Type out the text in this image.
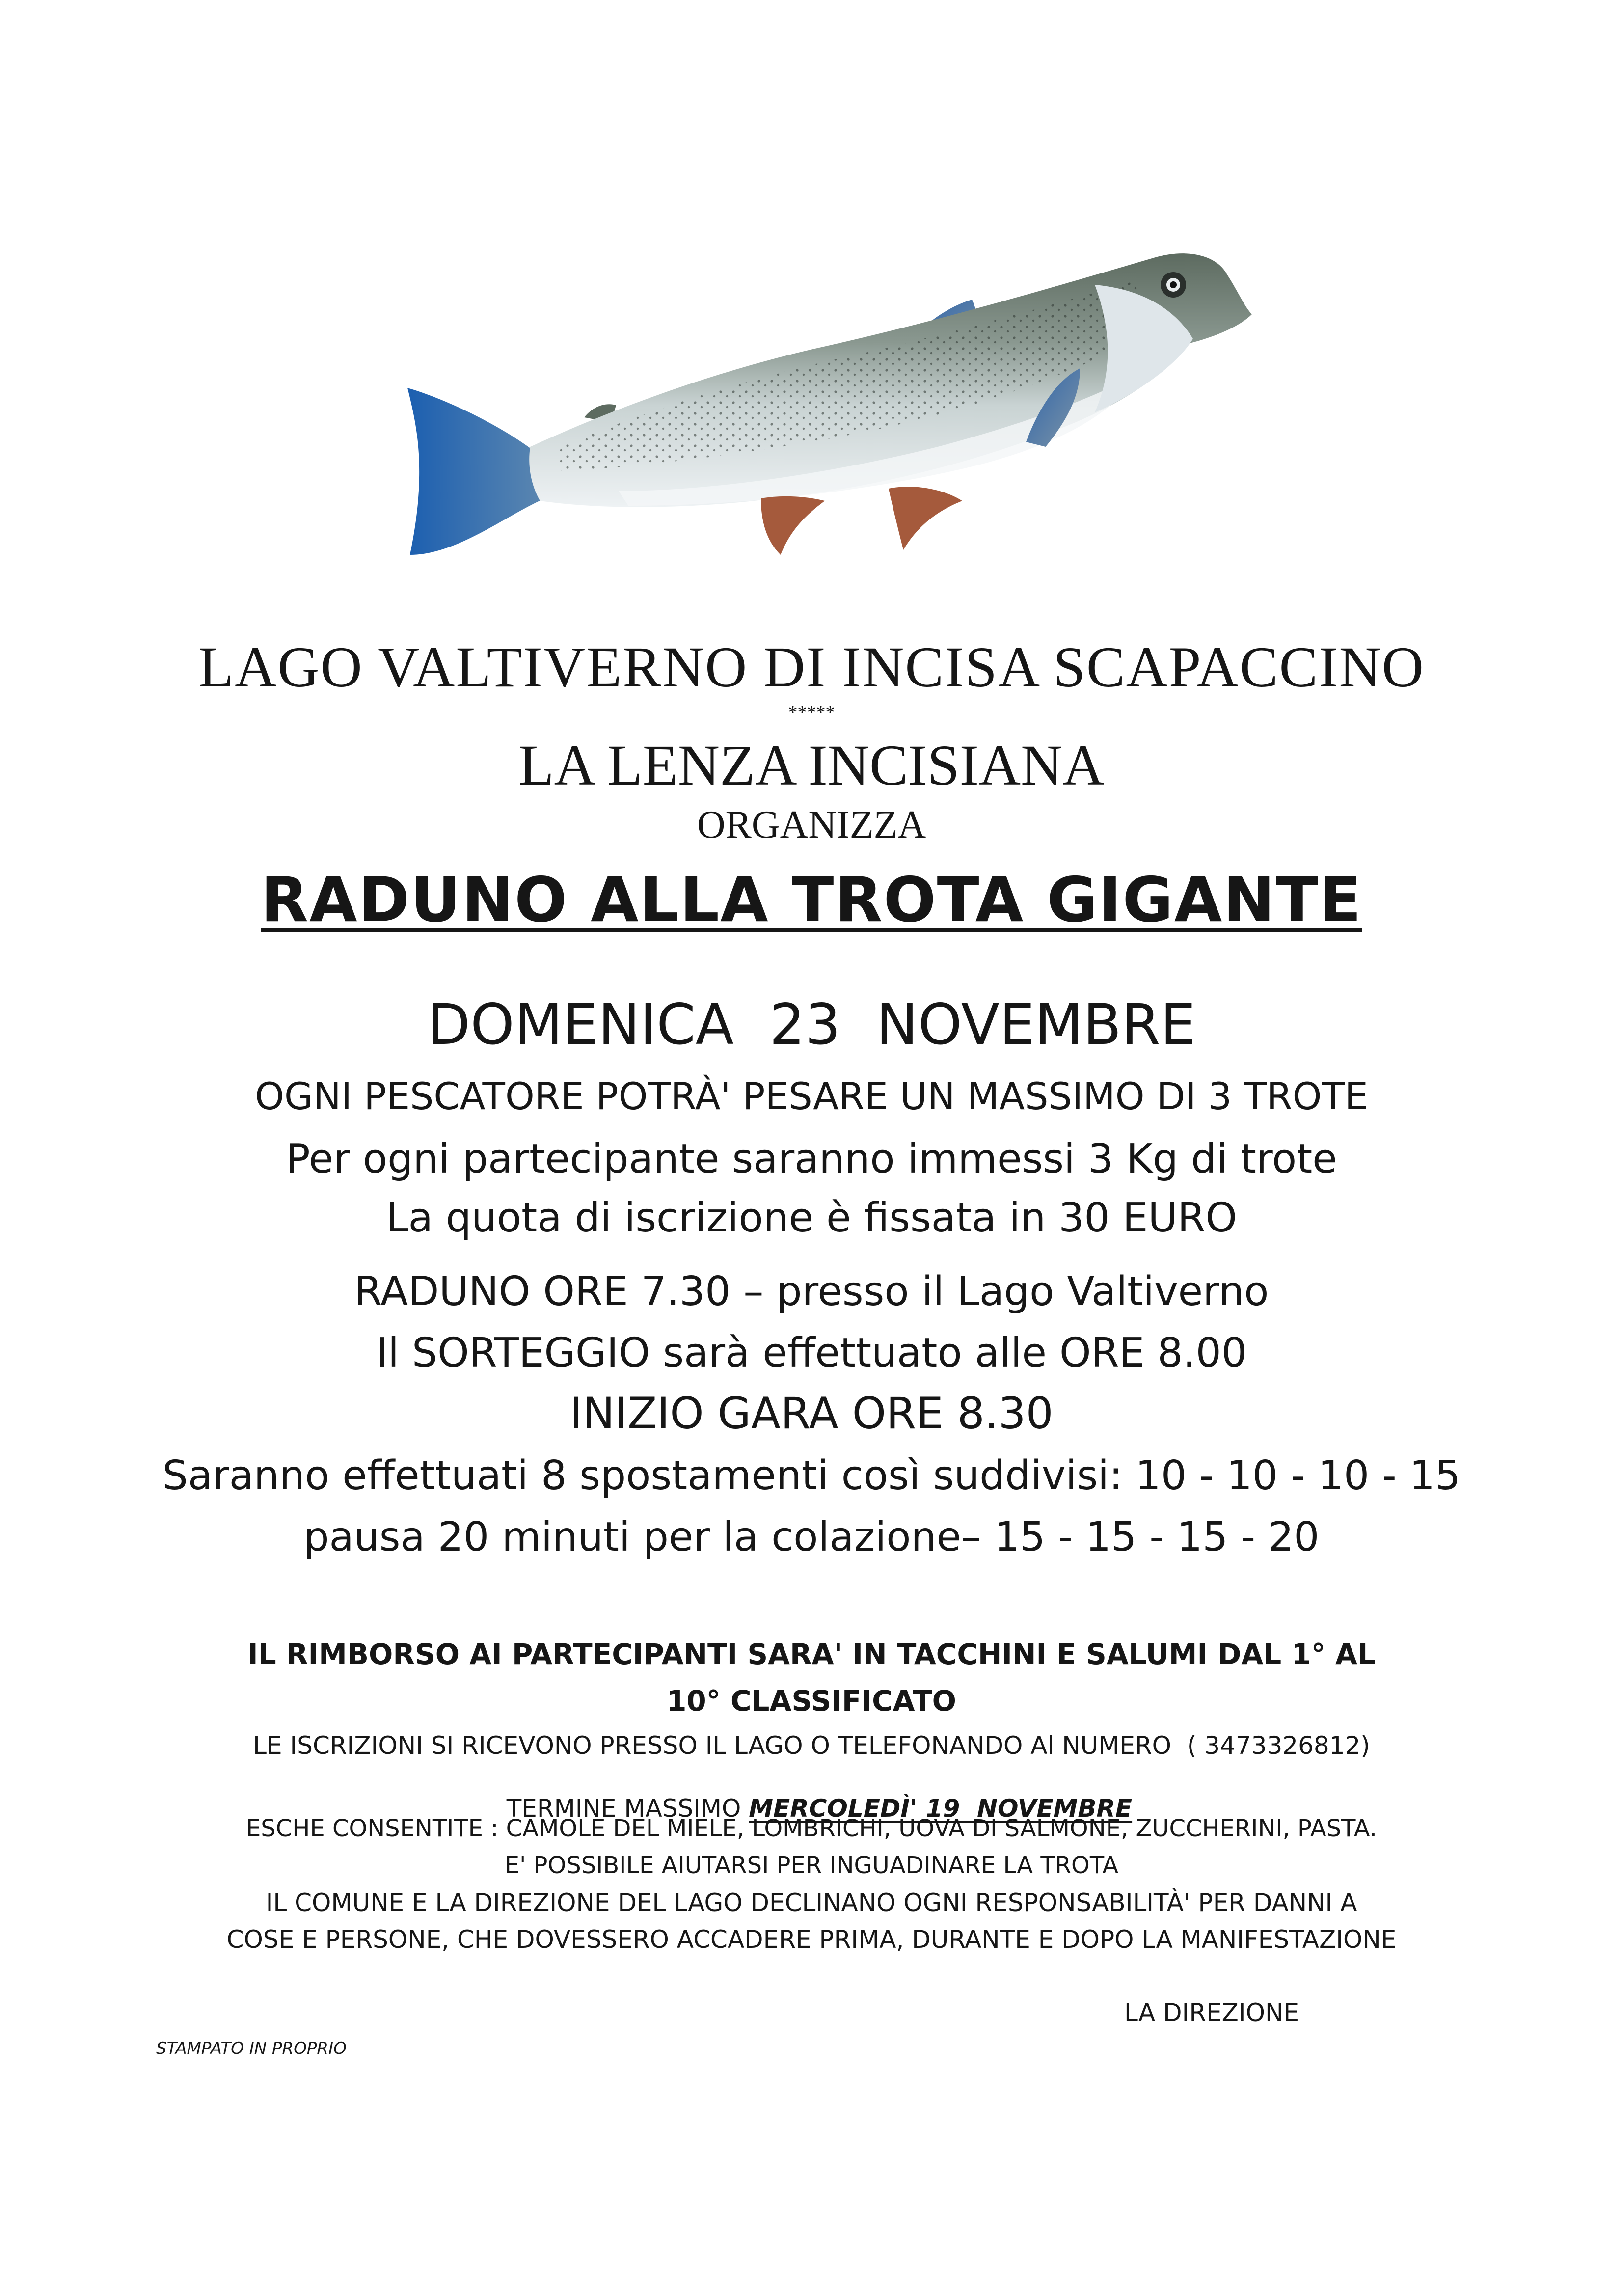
LAGO VALTIVERNO DI INCISA SCAPACCINO
*****
LA LENZA INCISIANA
ORGANIZZA
RADUNO ALLA TROTA GIGANTE
DOMENICA  23  NOVEMBRE
OGNI PESCATORE POTRÀ' PESARE UN MASSIMO DI 3 TROTE
Per ogni partecipante saranno immessi 3 Kg di trote
La quota di iscrizione è fissata in 30 EURO
RADUNO ORE 7.30 – presso il Lago Valtiverno
Il SORTEGGIO sarà effettuato alle ORE 8.00
INIZIO GARA ORE 8.30
Saranno effettuati 8 spostamenti così suddivisi: 10 - 10 - 10 - 15
pausa 20 minuti per la colazione– 15 - 15 - 15 - 20
IL RIMBORSO AI PARTECIPANTI SARA' IN TACCHINI E SALUMI DAL 1° AL
10° CLASSIFICATO
LE ISCRIZIONI SI RICEVONO PRESSO IL LAGO O TELEFONANDO Al NUMERO  ( 3473326812)

TERMINE MASSIMO MERCOLEDÌ' 19  NOVEMBRE

ESCHE CONSENTITE : CAMOLE DEL MIELE, LOMBRICHI, UOVA DI SALMONE, ZUCCHERINI, PASTA.
E' POSSIBILE AIUTARSI PER INGUADINARE LA TROTA
IL COMUNE E LA DIREZIONE DEL LAGO DECLINANO OGNI RESPONSABILITÀ' PER DANNI A
COSE E PERSONE, CHE DOVESSERO ACCADERE PRIMA, DURANTE E DOPO LA MANIFESTAZIONE
LA DIREZIONE
STAMPATO IN PROPRIO
